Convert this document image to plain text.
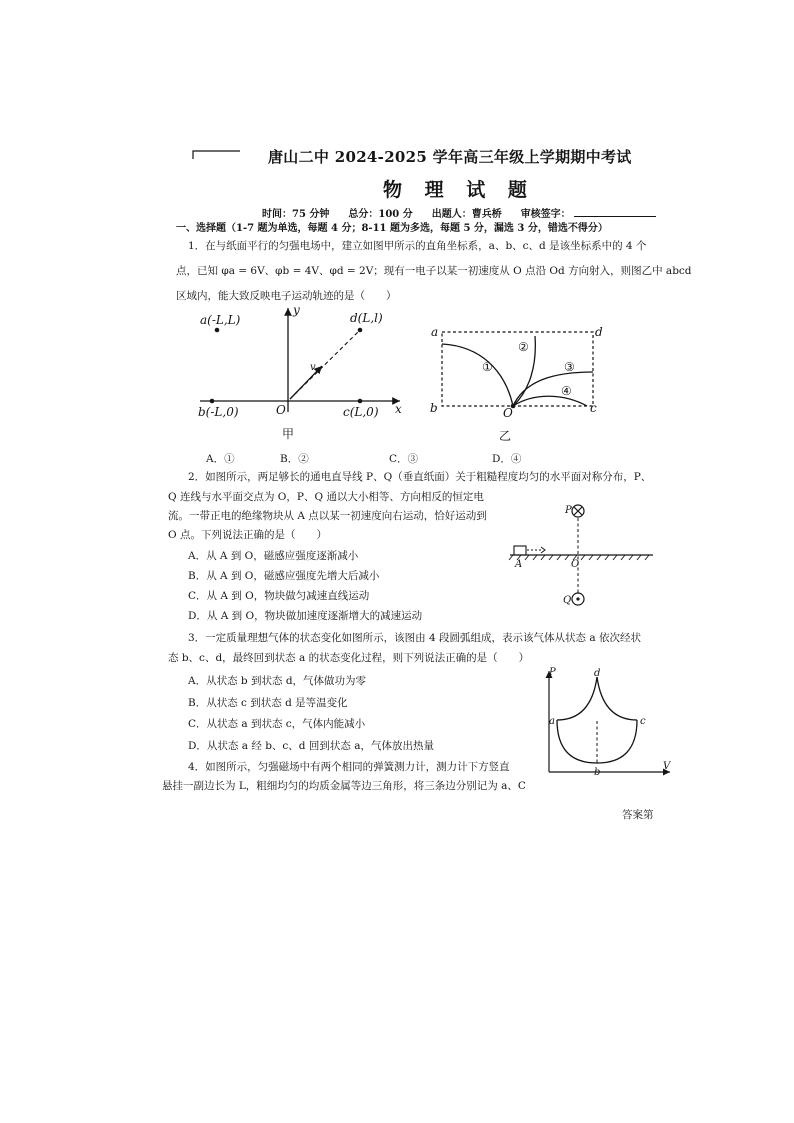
唐山二中 2024-2025 学年高三年级上学期期中考试
物 理 试 题
时间：75 分钟 总分：100 分 出题人：曹兵桥 审核签字：
一、选择题（1-7 题为单选，每题 4 分；8-11 题为多选，每题 5 分，漏选 3 分，错选不得分）
1．在与纸面平行的匀强电场中，建立如图甲所示的直角坐标系，a、b、c、d 是该坐标系中的 4 个
点，已知 φa = 6V、φb = 4V、φd = 2V；现有一电子以某一初速度从 O 点沿 Od 方向射入，则图乙中 abcd
区域内，能大致反映电子运动轨迹的是（　　）
a(-L,L)	d(L,l)
b(-L,0)	c(L,0)
O	x
y
v
甲
a	d
b	c
O
①
②
③
④
乙
A．①	B．②	C．③	D．④
2．如图所示，两足够长的通电直导线 P、Q（垂直纸面）关于粗糙程度均匀的水平面对称分布，P、
Q 连线与水平面交点为 O，P、Q 通以大小相等、方向相反的恒定电
流。一带正电的绝缘物块从 A 点以某一初速度向右运动，恰好运动到
O 点。下列说法正确的是（　　）
A．从 A 到 O，磁感应强度逐渐减小
B．从 A 到 O，磁感应强度先增大后减小
C．从 A 到 O，物块做匀减速直线运动
D．从 A 到 O，物块做加速度逐渐增大的减速运动
P
A	O
Q
3．一定质量理想气体的状态变化如图所示，该图由 4 段圆弧组成，表示该气体从状态 a 依次经状
态 b、c、d，最终回到状态 a 的状态变化过程，则下列说法正确的是（　　）
A．从状态 b 到状态 d，气体做功为零
B．从状态 c 到状态 d 是等温变化
C．从状态 a 到状态 c，气体内能减小
D．从状态 a 经 b、c、d 回到状态 a，气体放出热量
P
V
a	c
d
b
4．如图所示，匀强磁场中有两个相同的弹簧测力计，测力计下方竖直
悬挂一副边长为 L，粗细均匀的均质金属等边三角形，将三条边分别记为 a、C
答案第
